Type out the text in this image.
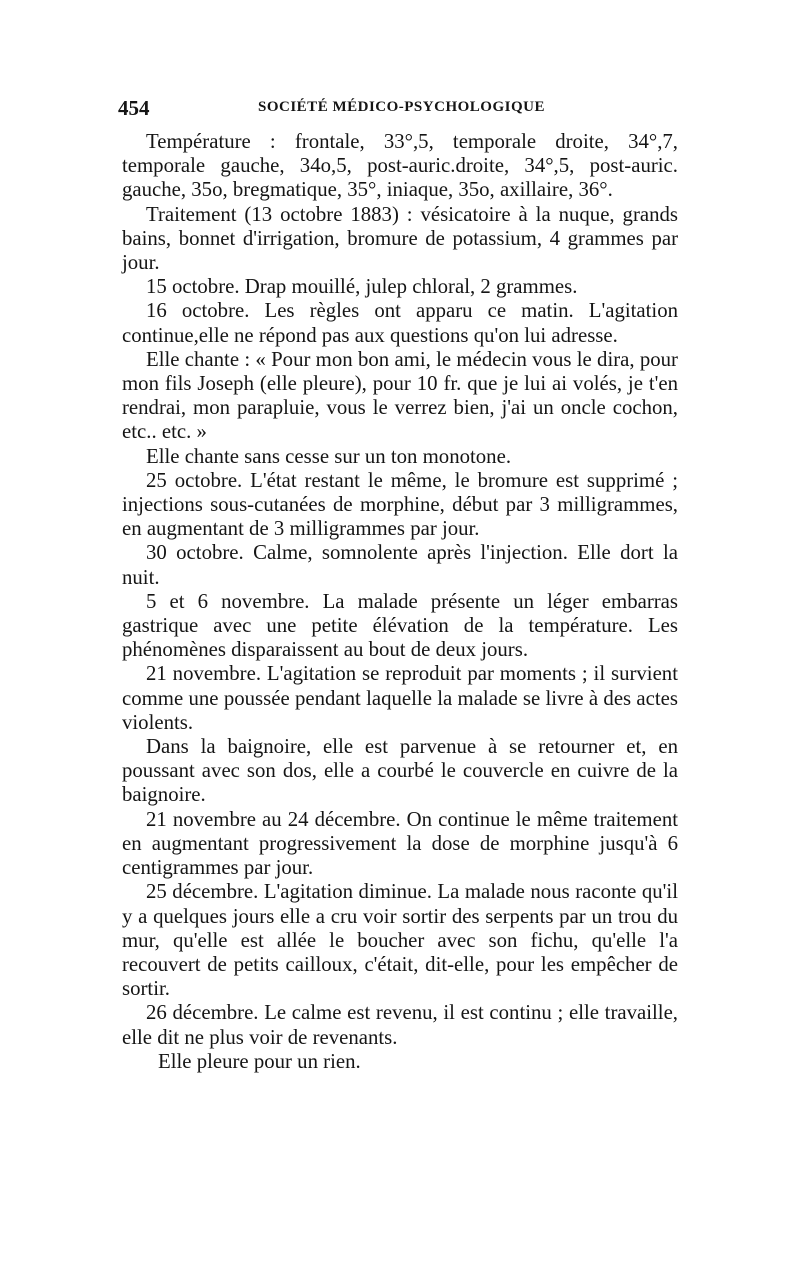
454	SOCIÉTÉ MÉDICO-PSYCHOLOGIQUE

Température : frontale, 33°,5, temporale droite, 34°,7, temporale gauche, 34o,5, post-auric.droite, 34°,5, post-auric. gauche, 35o, bregmatique, 35°, iniaque, 35o, axillaire, 36°.

Traitement (13 octobre 1883) : vésicatoire à la nuque, grands bains, bonnet d'irrigation, bromure de potassium, 4 grammes par jour.

15 octobre. Drap mouillé, julep chloral, 2 grammes.

16 octobre. Les règles ont apparu ce matin. L'agitation continue,elle ne répond pas aux questions qu'on lui adresse.

Elle chante : « Pour mon bon ami, le médecin vous le dira, pour mon fils Joseph (elle pleure), pour 10 fr. que je lui ai volés, je t'en rendrai, mon parapluie, vous le verrez bien, j'ai un oncle cochon, etc.. etc. »

Elle chante sans cesse sur un ton monotone.

25 octobre. L'état restant le même, le bromure est supprimé ; injections sous-cutanées de morphine, début par 3 milligrammes, en augmentant de 3 milligrammes par jour.

30 octobre. Calme, somnolente après l'injection. Elle dort la nuit.

5 et 6 novembre. La malade présente un léger embarras gastrique avec une petite élévation de la température. Les phénomènes disparaissent au bout de deux jours.

21 novembre. L'agitation se reproduit par moments ; il survient comme une poussée pendant laquelle la malade se livre à des actes violents.

Dans la baignoire, elle est parvenue à se retourner et, en poussant avec son dos, elle a courbé le couvercle en cuivre de la baignoire.

21 novembre au 24 décembre. On continue le même traitement en augmentant progressivement la dose de morphine jusqu'à 6 centigrammes par jour.

25 décembre. L'agitation diminue. La malade nous raconte qu'il y a quelques jours elle a cru voir sortir des serpents par un trou du mur, qu'elle est allée le boucher avec son fichu, qu'elle l'a recouvert de petits cailloux, c'était, dit-elle, pour les empêcher de sortir.

26 décembre. Le calme est revenu, il est continu ; elle travaille, elle dit ne plus voir de revenants.

Elle pleure pour un rien.
